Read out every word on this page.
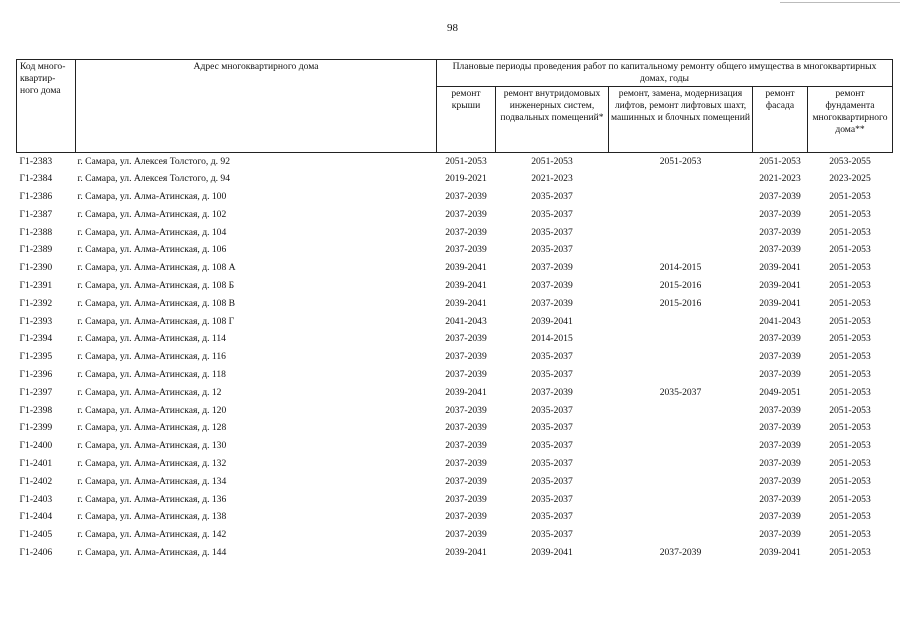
98
Код много-квартир-ного дома	Адрес многоквартирного дома	Плановые периоды проведения работ по капитальному ремонту общего имущества в многоквартирных домах, годы				
		ремонт крыши	ремонт внутридомовых инженерных систем, подвальных помещений*	ремонт, замена, модернизация лифтов, ремонт лифтовых шахт, машинных и блочных помещений	ремонт фасада	ремонт фундамента многоквартирного дома**
Г1-2383	г. Самара, ул. Алексея Толстого, д. 92	2051-2053	2051-2053	2051-2053	2051-2053	2053-2055
Г1-2384	г. Самара, ул. Алексея Толстого, д. 94	2019-2021	2021-2023		2021-2023	2023-2025
Г1-2386	г. Самара, ул. Алма-Атинская, д. 100	2037-2039	2035-2037		2037-2039	2051-2053
Г1-2387	г. Самара, ул. Алма-Атинская, д. 102	2037-2039	2035-2037		2037-2039	2051-2053
Г1-2388	г. Самара, ул. Алма-Атинская, д. 104	2037-2039	2035-2037		2037-2039	2051-2053
Г1-2389	г. Самара, ул. Алма-Атинская, д. 106	2037-2039	2035-2037		2037-2039	2051-2053
Г1-2390	г. Самара, ул. Алма-Атинская, д. 108 А	2039-2041	2037-2039	2014-2015	2039-2041	2051-2053
Г1-2391	г. Самара, ул. Алма-Атинская, д. 108 Б	2039-2041	2037-2039	2015-2016	2039-2041	2051-2053
Г1-2392	г. Самара, ул. Алма-Атинская, д. 108 В	2039-2041	2037-2039	2015-2016	2039-2041	2051-2053
Г1-2393	г. Самара, ул. Алма-Атинская, д. 108 Г	2041-2043	2039-2041		2041-2043	2051-2053
Г1-2394	г. Самара, ул. Алма-Атинская, д. 114	2037-2039	2014-2015		2037-2039	2051-2053
Г1-2395	г. Самара, ул. Алма-Атинская, д. 116	2037-2039	2035-2037		2037-2039	2051-2053
Г1-2396	г. Самара, ул. Алма-Атинская, д. 118	2037-2039	2035-2037		2037-2039	2051-2053
Г1-2397	г. Самара, ул. Алма-Атинская, д. 12	2039-2041	2037-2039	2035-2037	2049-2051	2051-2053
Г1-2398	г. Самара, ул. Алма-Атинская, д. 120	2037-2039	2035-2037		2037-2039	2051-2053
Г1-2399	г. Самара, ул. Алма-Атинская, д. 128	2037-2039	2035-2037		2037-2039	2051-2053
Г1-2400	г. Самара, ул. Алма-Атинская, д. 130	2037-2039	2035-2037		2037-2039	2051-2053
Г1-2401	г. Самара, ул. Алма-Атинская, д. 132	2037-2039	2035-2037		2037-2039	2051-2053
Г1-2402	г. Самара, ул. Алма-Атинская, д. 134	2037-2039	2035-2037		2037-2039	2051-2053
Г1-2403	г. Самара, ул. Алма-Атинская, д. 136	2037-2039	2035-2037		2037-2039	2051-2053
Г1-2404	г. Самара, ул. Алма-Атинская, д. 138	2037-2039	2035-2037		2037-2039	2051-2053
Г1-2405	г. Самара, ул. Алма-Атинская, д. 142	2037-2039	2035-2037		2037-2039	2051-2053
Г1-2406	г. Самара, ул. Алма-Атинская, д. 144	2039-2041	2039-2041	2037-2039	2039-2041	2051-2053
